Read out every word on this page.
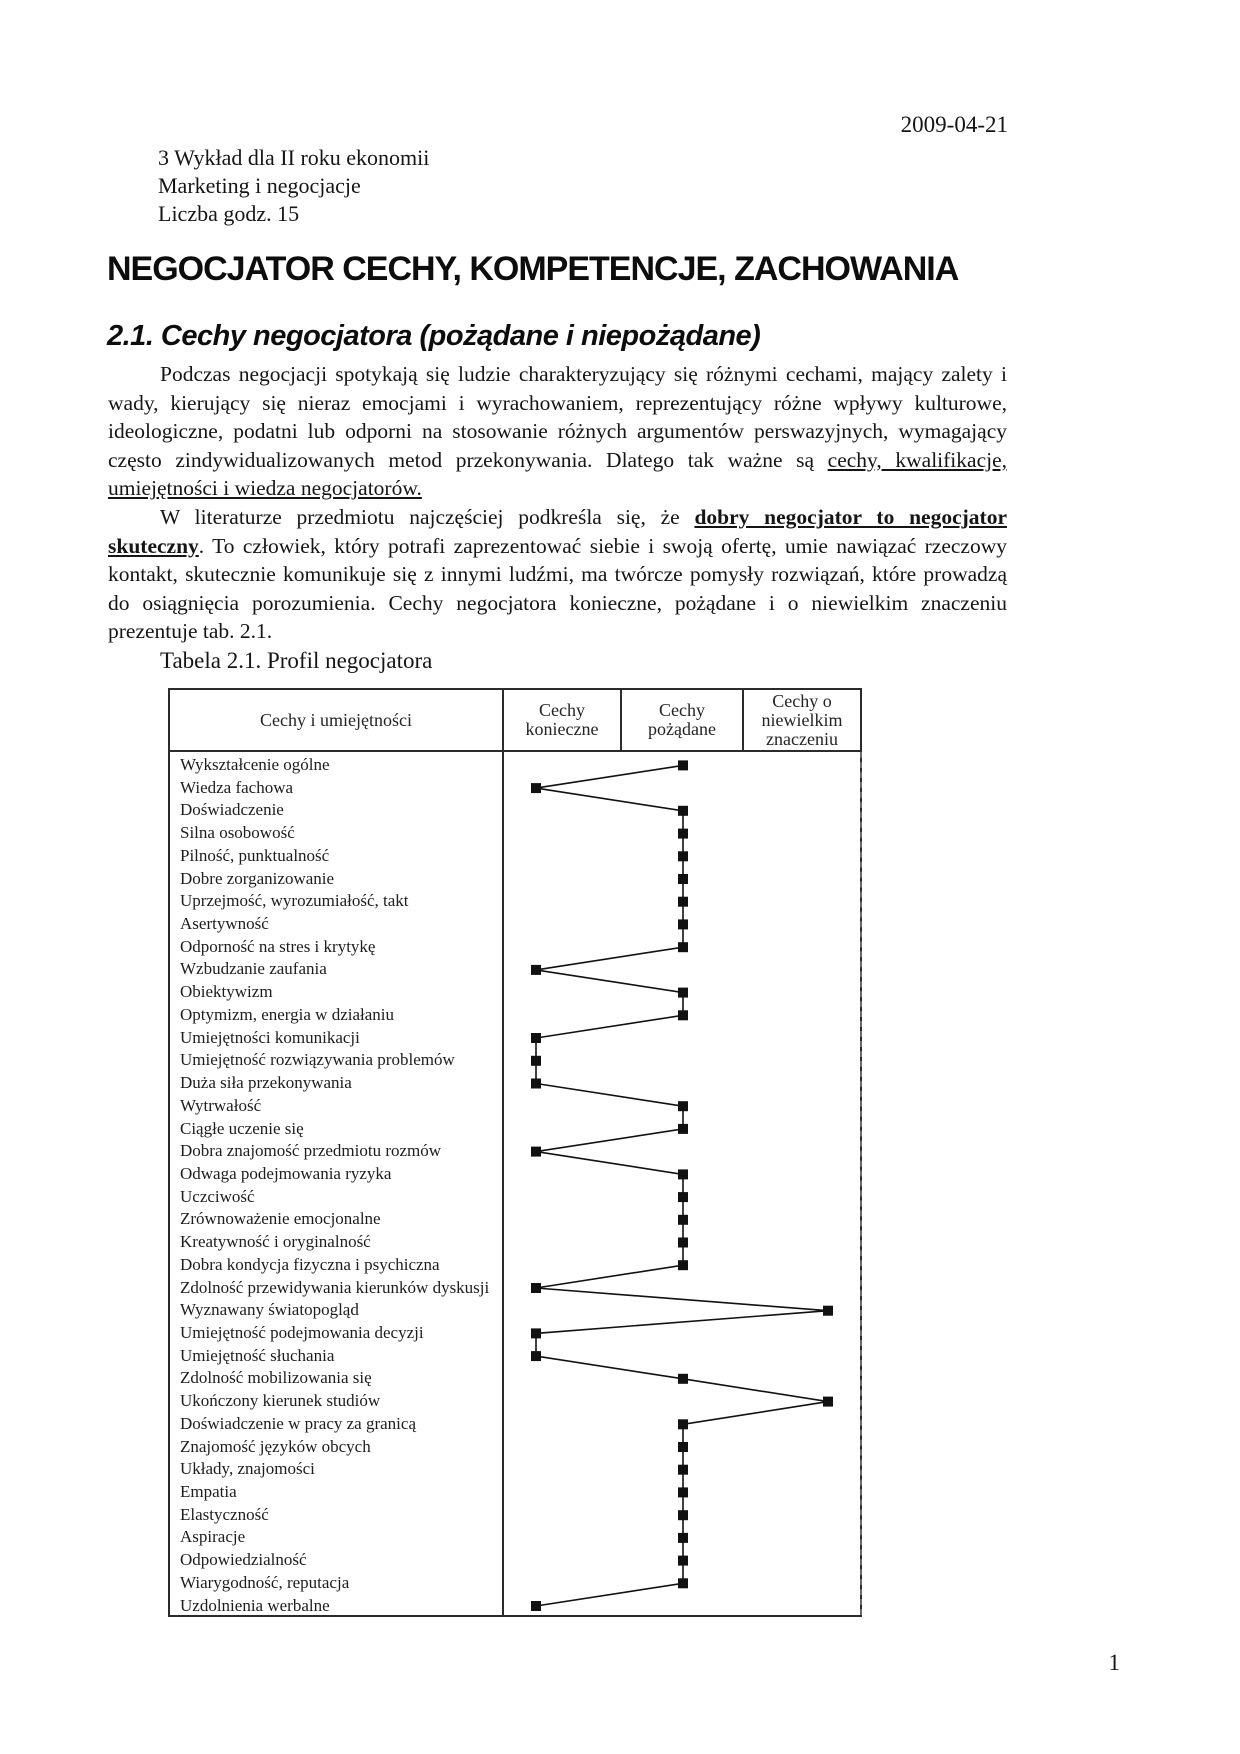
2009-04-21
3 Wykład dla II roku ekonomii
Marketing i negocjacje
Liczba godz. 15
NEGOCJATOR CECHY, KOMPETENCJE, ZACHOWANIA
2.1. Cechy negocjatora (pożądane i niepożądane)

Podczas negocjacji spotykają się ludzie charakteryzujący się różnymi cechami, mający zalety i wady, kierujący się nieraz emocjami i wyrachowaniem, reprezentujący różne wpływy kulturowe, ideologiczne, podatni lub odporni na stosowanie różnych argumentów perswazyjnych, wymagający często zindywidualizowanych metod przekonywania. Dlatego tak ważne są cechy, kwalifikacje, umiejętności i wiedza negocjatorów.

W literaturze przedmiotu najczęściej podkreśla się, że dobry negocjator to negocjator skuteczny. To człowiek, który potrafi zaprezentować siebie i swoją ofertę, umie nawiązać rzeczowy kontakt, skutecznie komunikuje się z innymi ludźmi, ma twórcze pomysły rozwiązań, które prowadzą do osiągnięcia porozumienia. Cechy negocjatora konieczne, pożądane i o niewielkim znaczeniu prezentuje tab. 2.1.

Tabela 2.1. Profil negocjatora
Cechy i umiejętności	Cechy konieczne
Cechy pożądane
Cechy o niewielkim znaczeniu
Wykształcenie ogólne
Wiedza fachowa
Doświadczenie
Silna osobowość
Pilność, punktualność
Dobre zorganizowanie
Uprzejmość, wyrozumiałość, takt
Asertywność
Odporność na stres i krytykę
Wzbudzanie zaufania
Obiektywizm
Optymizm, energia w działaniu
Umiejętności komunikacji
Umiejętność rozwiązywania problemów
Duża siła przekonywania
Wytrwałość
Ciągłe uczenie się
Dobra znajomość przedmiotu rozmów
Odwaga podejmowania ryzyka
Uczciwość
Zrównoważenie emocjonalne
Kreatywność i oryginalność
Dobra kondycja fizyczna i psychiczna
Zdolność przewidywania kierunków dyskusji
Wyznawany światopogląd
Umiejętność podejmowania decyzji
Umiejętność słuchania
Zdolność mobilizowania się
Ukończony kierunek studiów
Doświadczenie w pracy za granicą
Znajomość języków obcych
Układy, znajomości
Empatia
Elastyczność
Aspiracje
Odpowiedzialność
Wiarygodność, reputacja
Uzdolnienia werbalne
1
